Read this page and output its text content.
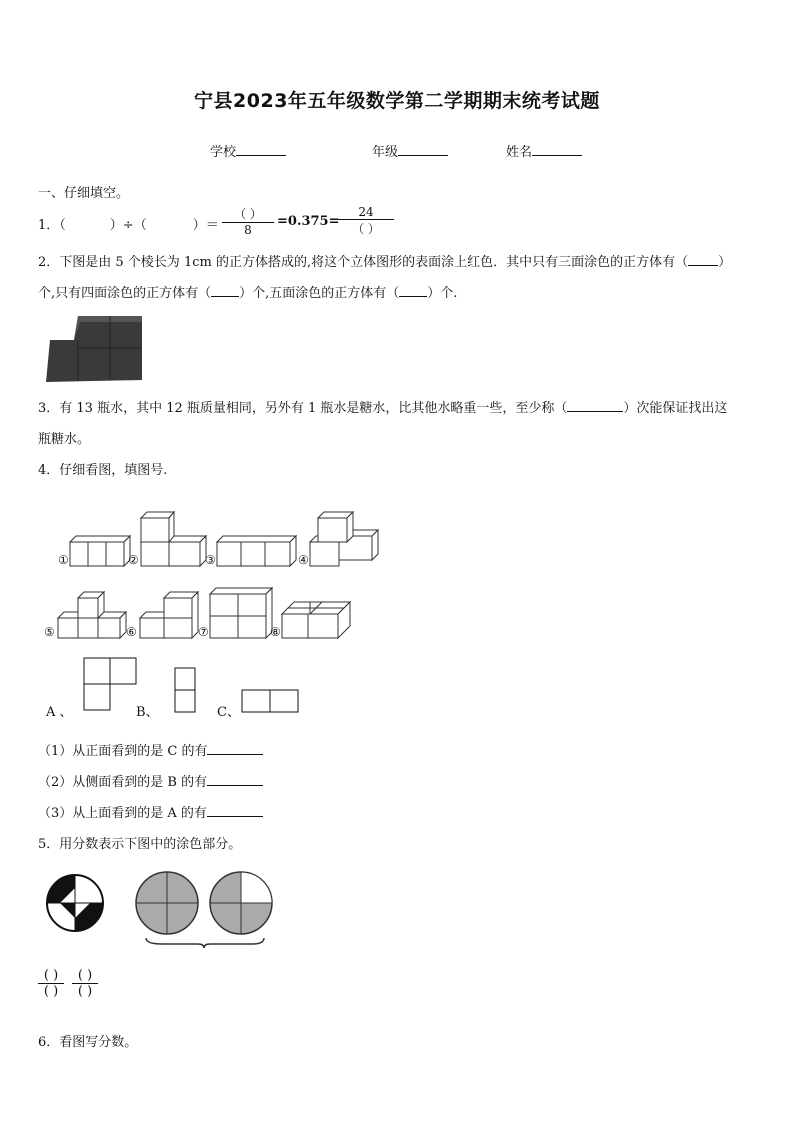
宁县2023年五年级数学第二学期期末统考试题
学校	年级	姓名
一、仔细填空。
1．（	）÷（	）＝
（ ）
8
=0.375=
24
（ ）
2．下图是由 5 个棱长为 1cm 的正方体搭成的,将这个立体图形的表面涂上红色．其中只有三面涂色的正方体有（ ）
个,只有四面涂色的正方体有（ ）个,五面涂色的正方体有（ ）个.
3．有 13 瓶水，其中 12 瓶质量相同，另外有 1 瓶水是糖水，比其他水略重一些，至少称（	）次能保证找出这
瓶糖水。
4．仔细看图，填图号.
①	②	③	④
⑤	⑥	⑦	⑧
A 、	B、	C、
（1）从正面看到的是 C 的有
（2）从侧面看到的是 B 的有
（3）从上面看到的是 A 的有
5．用分数表示下图中的涂色部分。
( )
( )
( )
( )
6．看图写分数。
